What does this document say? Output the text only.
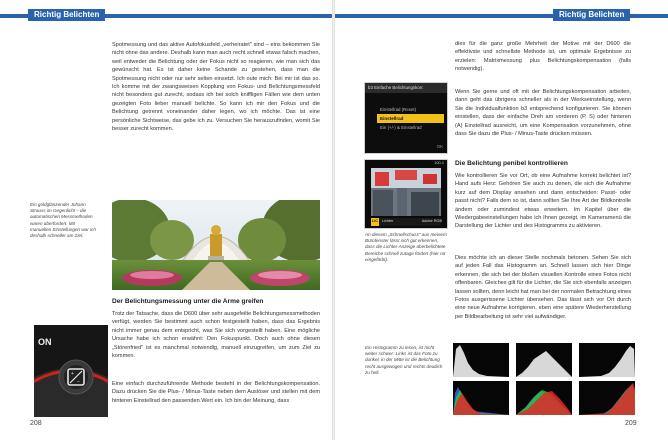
Richtig Belichten

Spotmessung und das aktive Autofokusfeld „verheiratet" sind – eins bekommen Sie nicht ohne das andere. Deshalb kann man auch recht schnell etwas falsch machen, weil entweder die Belichtung oder der Fokus nicht so reagieren, wie man sich das gewünscht hat. Es ist daher keine Schande zu gestehen, dass man die Spotmessung nicht oder nur sehr selten einsetzt. Ich oute mich: Bei mir ist das so. Ich komme mit der zwangsweisen Kopplung von Fokus- und Belichtungsmessfeld nicht besonders gut zurecht, sodass ich bei solch kniffligen Fällen wie dem unten gezeigten Foto lieber manuell belichte. So kann ich mir den Fokus und die Belichtung getrennt voneinander daher legen, wo ich möchte. Das ist eine persönliche Sichtweise, das gebe ich zu. Versuchen Sie herauszufinden, womit Sie besser zurecht kommen.

Ein goldglänzender Johann Strauss im Gegenlicht – die automatischen Messmethoden waren überfordert. Mit manuellen Einstellungen war ich deshalb schneller am Ziel.

Der Belichtungsmessung unter die Arme greifen

Trotz der Tatsache, dass die D600 über sehr ausgefeilte Belichtungsmessmethoden verfügt, werden Sie bestimmt auch schon festgestellt haben, dass das Ergebnis nicht immer genau dem entspricht, was Sie sich vorgestellt haben. Eine mögliche Ursache habe ich schon erwähnt: Den Fokuspunkt. Doch auch ohne diesen „Störenfried" ist es manchmal notwendig, manuell einzugreifen, um zum Ziel zu kommen.

Eine einfach durchzuführende Methode besteht in der Belichtungskompensation. Dazu drücken Sie die Plus- / Minus-Taste neben dem Auslöser und stellen mit dem hinteren Einstellrad den passenden Wert ein. Ich bin der Meinung, dass

+
−
ON
208
Richtig Belichten

dies für die ganz große Mehrheit der Motive mit der D600 die effektivste und schnellste Methode ist, um optimale Ergebnisse zu erzielen: Matrixmessung plus Belichtungskompensation (falls notwendig).

Wenn Sie gerne und oft mit der Belichtungskompensation arbeiten, dann geht das übrigens schneller als in der Werkseinstellung, wenn Sie die Individualfunktion b3 entsprechend konfigurieren. Sie können einstellen, dass der einfache Dreh am vorderen (P, S) oder hinteren (A) Einstellrad ausreicht, um eine Kompensation vorzunehmen, ohne dass Sie dazu die Plus- / Minus-Taste drücken müssen.

b3 Einfache Belichtungskorr.
Einstellrad (Reset)
Einstellrad
Ein (+/-) & Einstellrad
OK
Die Belichtung penibel kontrollieren

Wie kontrollieren Sie vor Ort, ob eine Aufnahme korrekt belichtet ist? Hand aufs Herz: Gehören Sie auch zu denen, die sich die Aufnahme kurz auf dem Display ansehen und dann entscheiden: Passt- oder passt nicht? Falls dem so ist, dann sollten Sie Ihre Art der Bildkontrolle ändern oder zumindest etwas erweitern. Im Kapitel über die Wiedergabeeinstellungen habe ich Ihnen gezeigt, im Kameramenü die Darstellung der Lichter und des Histogramms zu aktivieren.

100-1
LIC Lichter	Adobe RGB

An diesem „Schnellschuss" aus meinem Bürofenster lässt sich gut erkennen, dass die Lichter-Anzeige überbelichtete Bereiche schnell zutage fördert (hier rot eingefärbt).	Dies möchte ich an dieser Stelle nochmals betonen. Sehen Sie sich auf jeden Fall das Histogramm an. Schnell lassen sich hier Dinge erkennen, die sich bei der bloßen visuellen Kontrolle eines Fotos nicht offenbaren. Gleiches gilt für die Lichter, die Sie sich ebenfalls anzeigen lassen sollten, denn leicht hat man bei der normalen Betrachtung eines Fotos ausgerissene Lichter übersehen. Das lässt sich vor Ort durch eine neue Aufnahme korrigieren, eben eine spätere Wiederherstellung per Bildbearbeitung ist sehr viel aufwändiger.

Ein Histogramm zu lesen, ist nicht weiter schwer: Links ist das Foto zu dunkel, in der Mitte ist die Belichtung recht ausgewogen und rechts deutlich zu hell.

209
